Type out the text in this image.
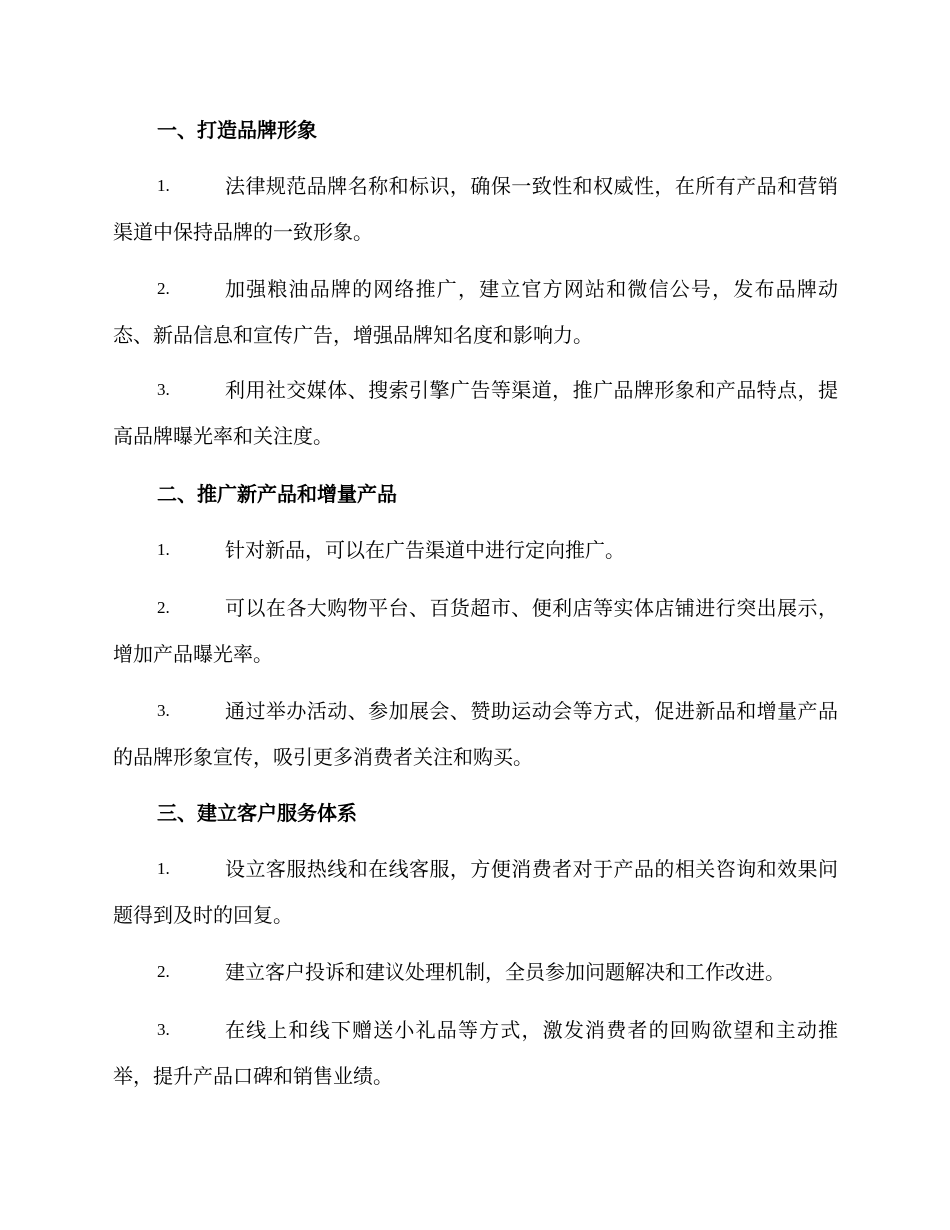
一、打造品牌形象
1.	法律规范品牌名称和标识，确保一致性和权威性，在所有产品和营销渠道中保持品牌的一致形象。
2.	加强粮油品牌的网络推广，建立官方网站和微信公号，发布品牌动态、新品信息和宣传广告，增强品牌知名度和影响力。
3.	利用社交媒体、搜索引擎广告等渠道，推广品牌形象和产品特点，提高品牌曝光率和关注度。
二、推广新产品和增量产品
1.	针对新品，可以在广告渠道中进行定向推广。
2.	可以在各大购物平台、百货超市、便利店等实体店铺进行突出展示，增加产品曝光率。
3.	通过举办活动、参加展会、赞助运动会等方式，促进新品和增量产品的品牌形象宣传，吸引更多消费者关注和购买。
三、建立客户服务体系
1.	设立客服热线和在线客服，方便消费者对于产品的相关咨询和效果问题得到及时的回复。
2.	建立客户投诉和建议处理机制，全员参加问题解决和工作改进。
3.	在线上和线下赠送小礼品等方式，激发消费者的回购欲望和主动推举，提升产品口碑和销售业绩。
